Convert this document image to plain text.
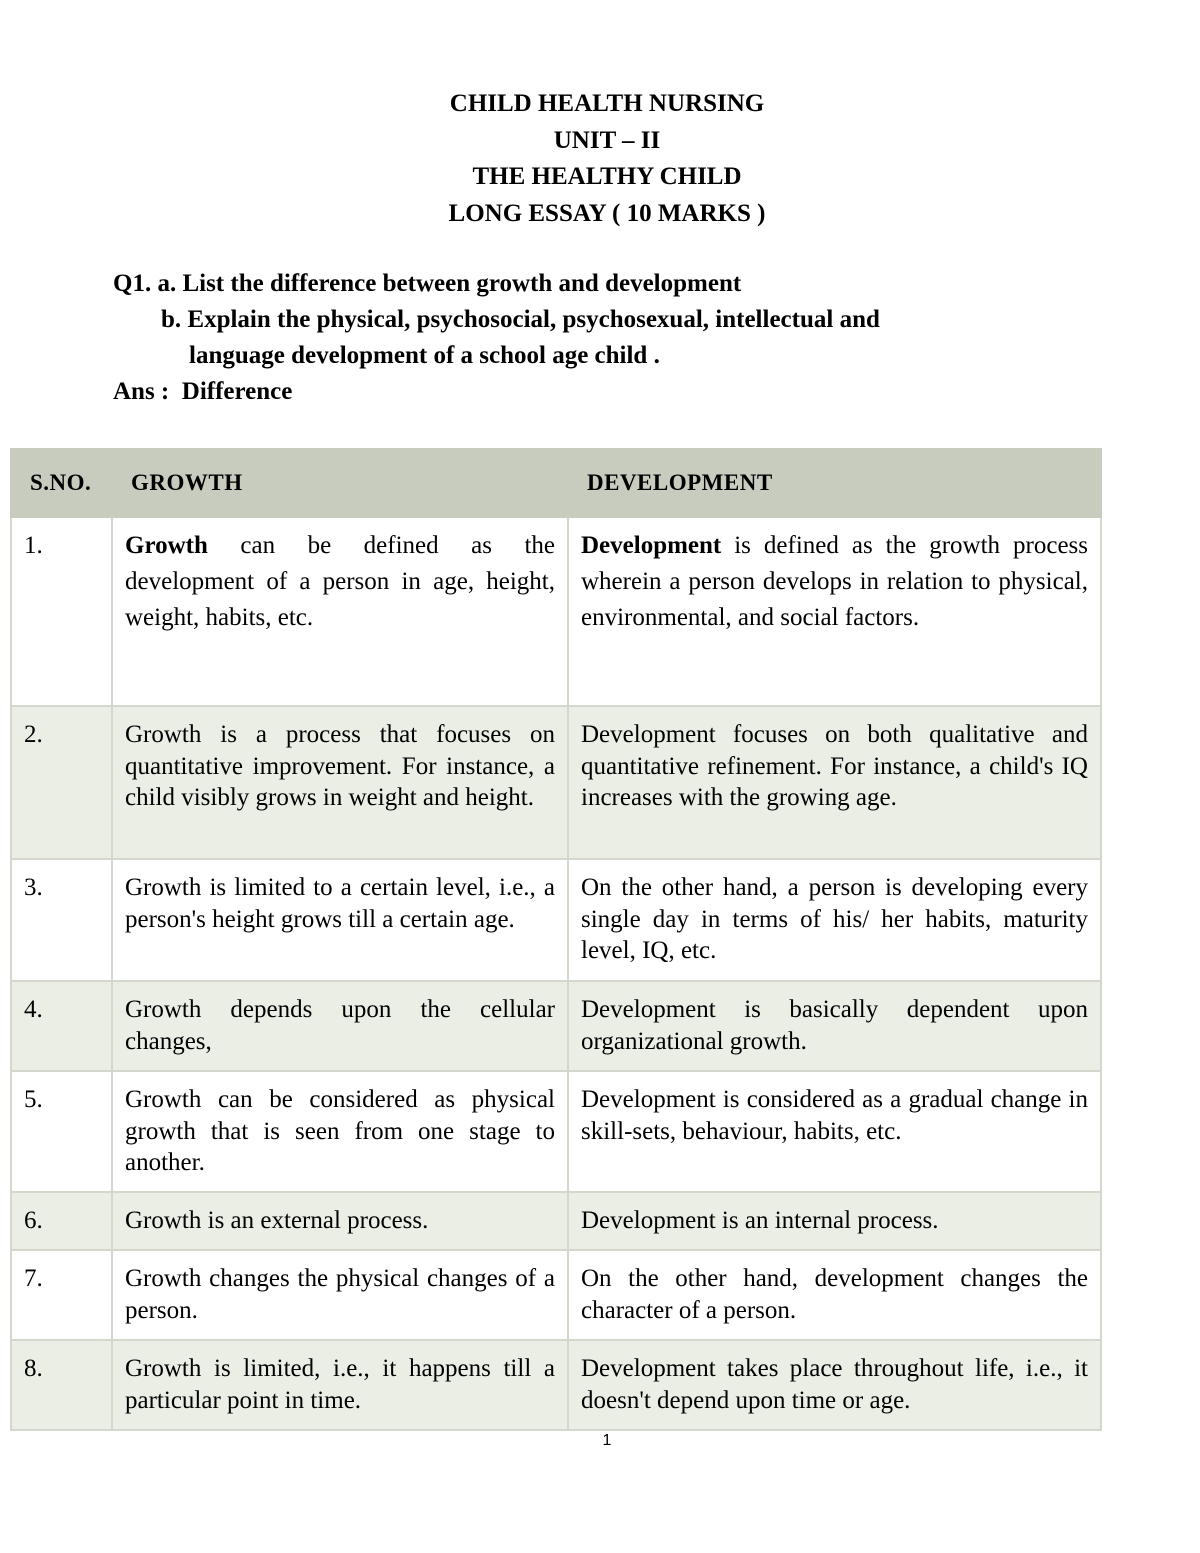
CHILD HEALTH NURSING
UNIT – II
THE HEALTHY CHILD
LONG ESSAY ( 10 MARKS )
Q1. a. List the difference between growth and development
b. Explain the physical, psychosocial, psychosexual, intellectual and
language development of a school age child .
Ans :  Difference
S.NO.	GROWTH	DEVELOPMENT
1.	Growth can be defined as the development of a person in age, height, weight, habits, etc.	Development is defined as the growth process wherein a person develops in relation to physical, environmental, and social factors.
2.	Growth is a process that focuses on quantitative improvement. For instance, a child visibly grows in weight and height.	Development focuses on both qualitative and quantitative refinement. For instance, a child's IQ increases with the growing age.
3.	Growth is limited to a certain level, i.e., a person's height grows till a certain age.	On the other hand, a person is developing every single day in terms of his/ her habits, maturity level, IQ, etc.
4.	Growth depends upon the cellular changes,	Development is basically dependent upon organizational growth.
5.	Growth can be considered as physical growth that is seen from one stage to another.	Development is considered as a gradual change in skill-sets, behaviour, habits, etc.
6.	Growth is an external process.	Development is an internal process.
7.	Growth changes the physical changes of a person.	On the other hand, development changes the character of a person.
8.	Growth is limited, i.e., it happens till a particular point in time.	Development takes place throughout life, i.e., it doesn't depend upon time or age.
1
